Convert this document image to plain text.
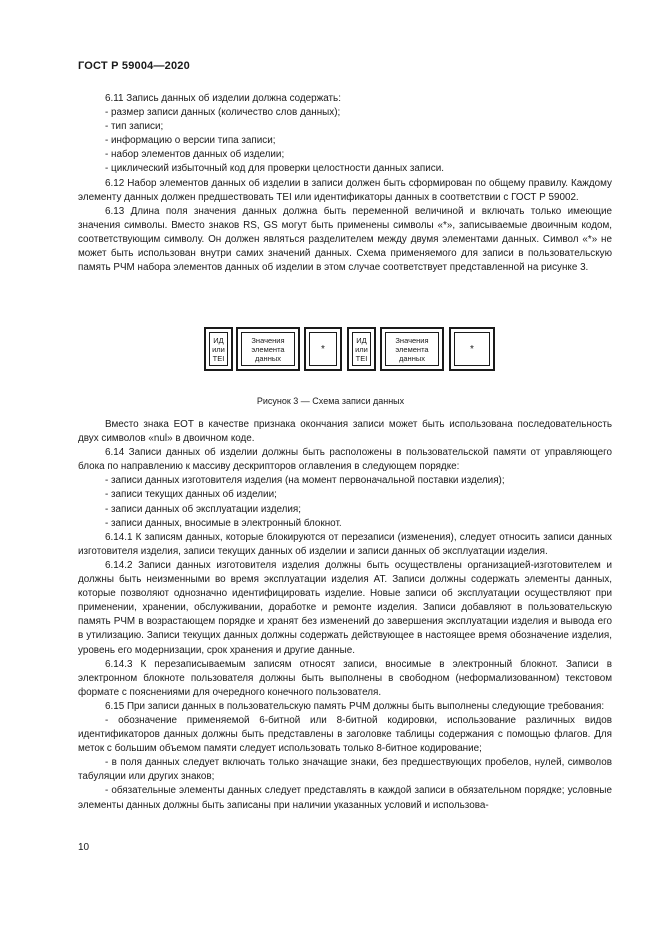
ГОСТ Р 59004—2020

6.11 Запись данных об изделии должна содержать:

- размер записи данных (количество слов данных);

- тип записи;

- информацию о версии типа записи;

- набор элементов данных об изделии;

- циклический избыточный код для проверки целостности данных записи.

6.12 Набор элементов данных об изделии в записи должен быть сформирован по общему правилу. Каждому элементу данных должен предшествовать TEI или идентификаторы данных в соответствии с ГОСТ Р 59002.

6.13 Длина поля значения данных должна быть переменной величиной и включать только имеющие значения символы. Вместо знаков RS, GS могут быть применены символы «*», записываемые двоичным кодом, соответствующим символу. Он должен являться разделителем между двумя элементами данных. Символ «*» не может быть использован внутри самих значений данных. Схема применяемого для записи в пользовательскую память РЧМ набора элементов данных об изделии в этом случае соответствует представленной на рисунке 3.

ИД
или
TEI
Значения
элемента
данных
*
ИД
или
TEI
Значения
элемента
данных
*
Рисунок 3 — Схема записи данных

Вместо знака EOT в качестве признака окончания записи может быть использована последовательность двух символов «nul» в двоичном коде.

6.14 Записи данных об изделии должны быть расположены в пользовательской памяти от управляющего блока по направлению к массиву дескрипторов оглавления в следующем порядке:

- записи данных изготовителя изделия (на момент первоначальной поставки изделия);

- записи текущих данных об изделии;

- записи данных об эксплуатации изделия;

- записи данных, вносимые в электронный блокнот.

6.14.1 К записям данных, которые блокируются от перезаписи (изменения), следует относить записи данных изготовителя изделия, записи текущих данных об изделии и записи данных об эксплуатации изделия.

6.14.2 Записи данных изготовителя изделия должны быть осуществлены организацией-изготовителем и должны быть неизменными во время эксплуатации изделия АТ. Записи должны содержать элементы данных, которые позволяют однозначно идентифицировать изделие. Новые записи об эксплуатации осуществляют при применении, хранении, обслуживании, доработке и ремонте изделия. Записи добавляют в пользовательскую память РЧМ в возрастающем порядке и хранят без изменений до завершения эксплуатации изделия и вывода его в утилизацию. Записи текущих данных должны содержать действующее в настоящее время обозначение изделия, уровень его модернизации, срок хранения и другие данные.

6.14.3 К перезаписываемым записям относят записи, вносимые в электронный блокнот. Записи в электронном блокноте пользователя должны быть выполнены в свободном (неформализованном) текстовом формате с пояснениями для очередного конечного пользователя.

6.15 При записи данных в пользовательскую память РЧМ должны быть выполнены следующие требования:

- обозначение применяемой 6-битной или 8-битной кодировки, использование различных видов идентификаторов данных должны быть представлены в заголовке таблицы содержания с помощью флагов. Для меток с большим объемом памяти следует использовать только 8-битное кодирование;

- в поля данных следует включать только значащие знаки, без предшествующих пробелов, нулей, символов табуляции или других знаков;

- обязательные элементы данных следует представлять в каждой записи в обязательном порядке; условные элементы данных должны быть записаны при наличии указанных условий и использова-

10
